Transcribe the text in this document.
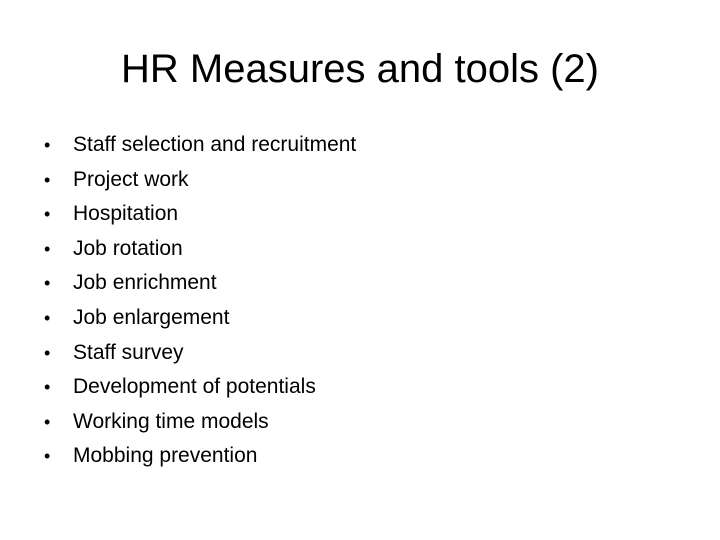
HR Measures and tools (2)
•	Staff selection and recruitment
•	Project work
•	Hospitation
•	Job rotation
•	Job enrichment
•	Job enlargement
•	Staff survey
•	Development of potentials
•	Working time models
•	Mobbing prevention
